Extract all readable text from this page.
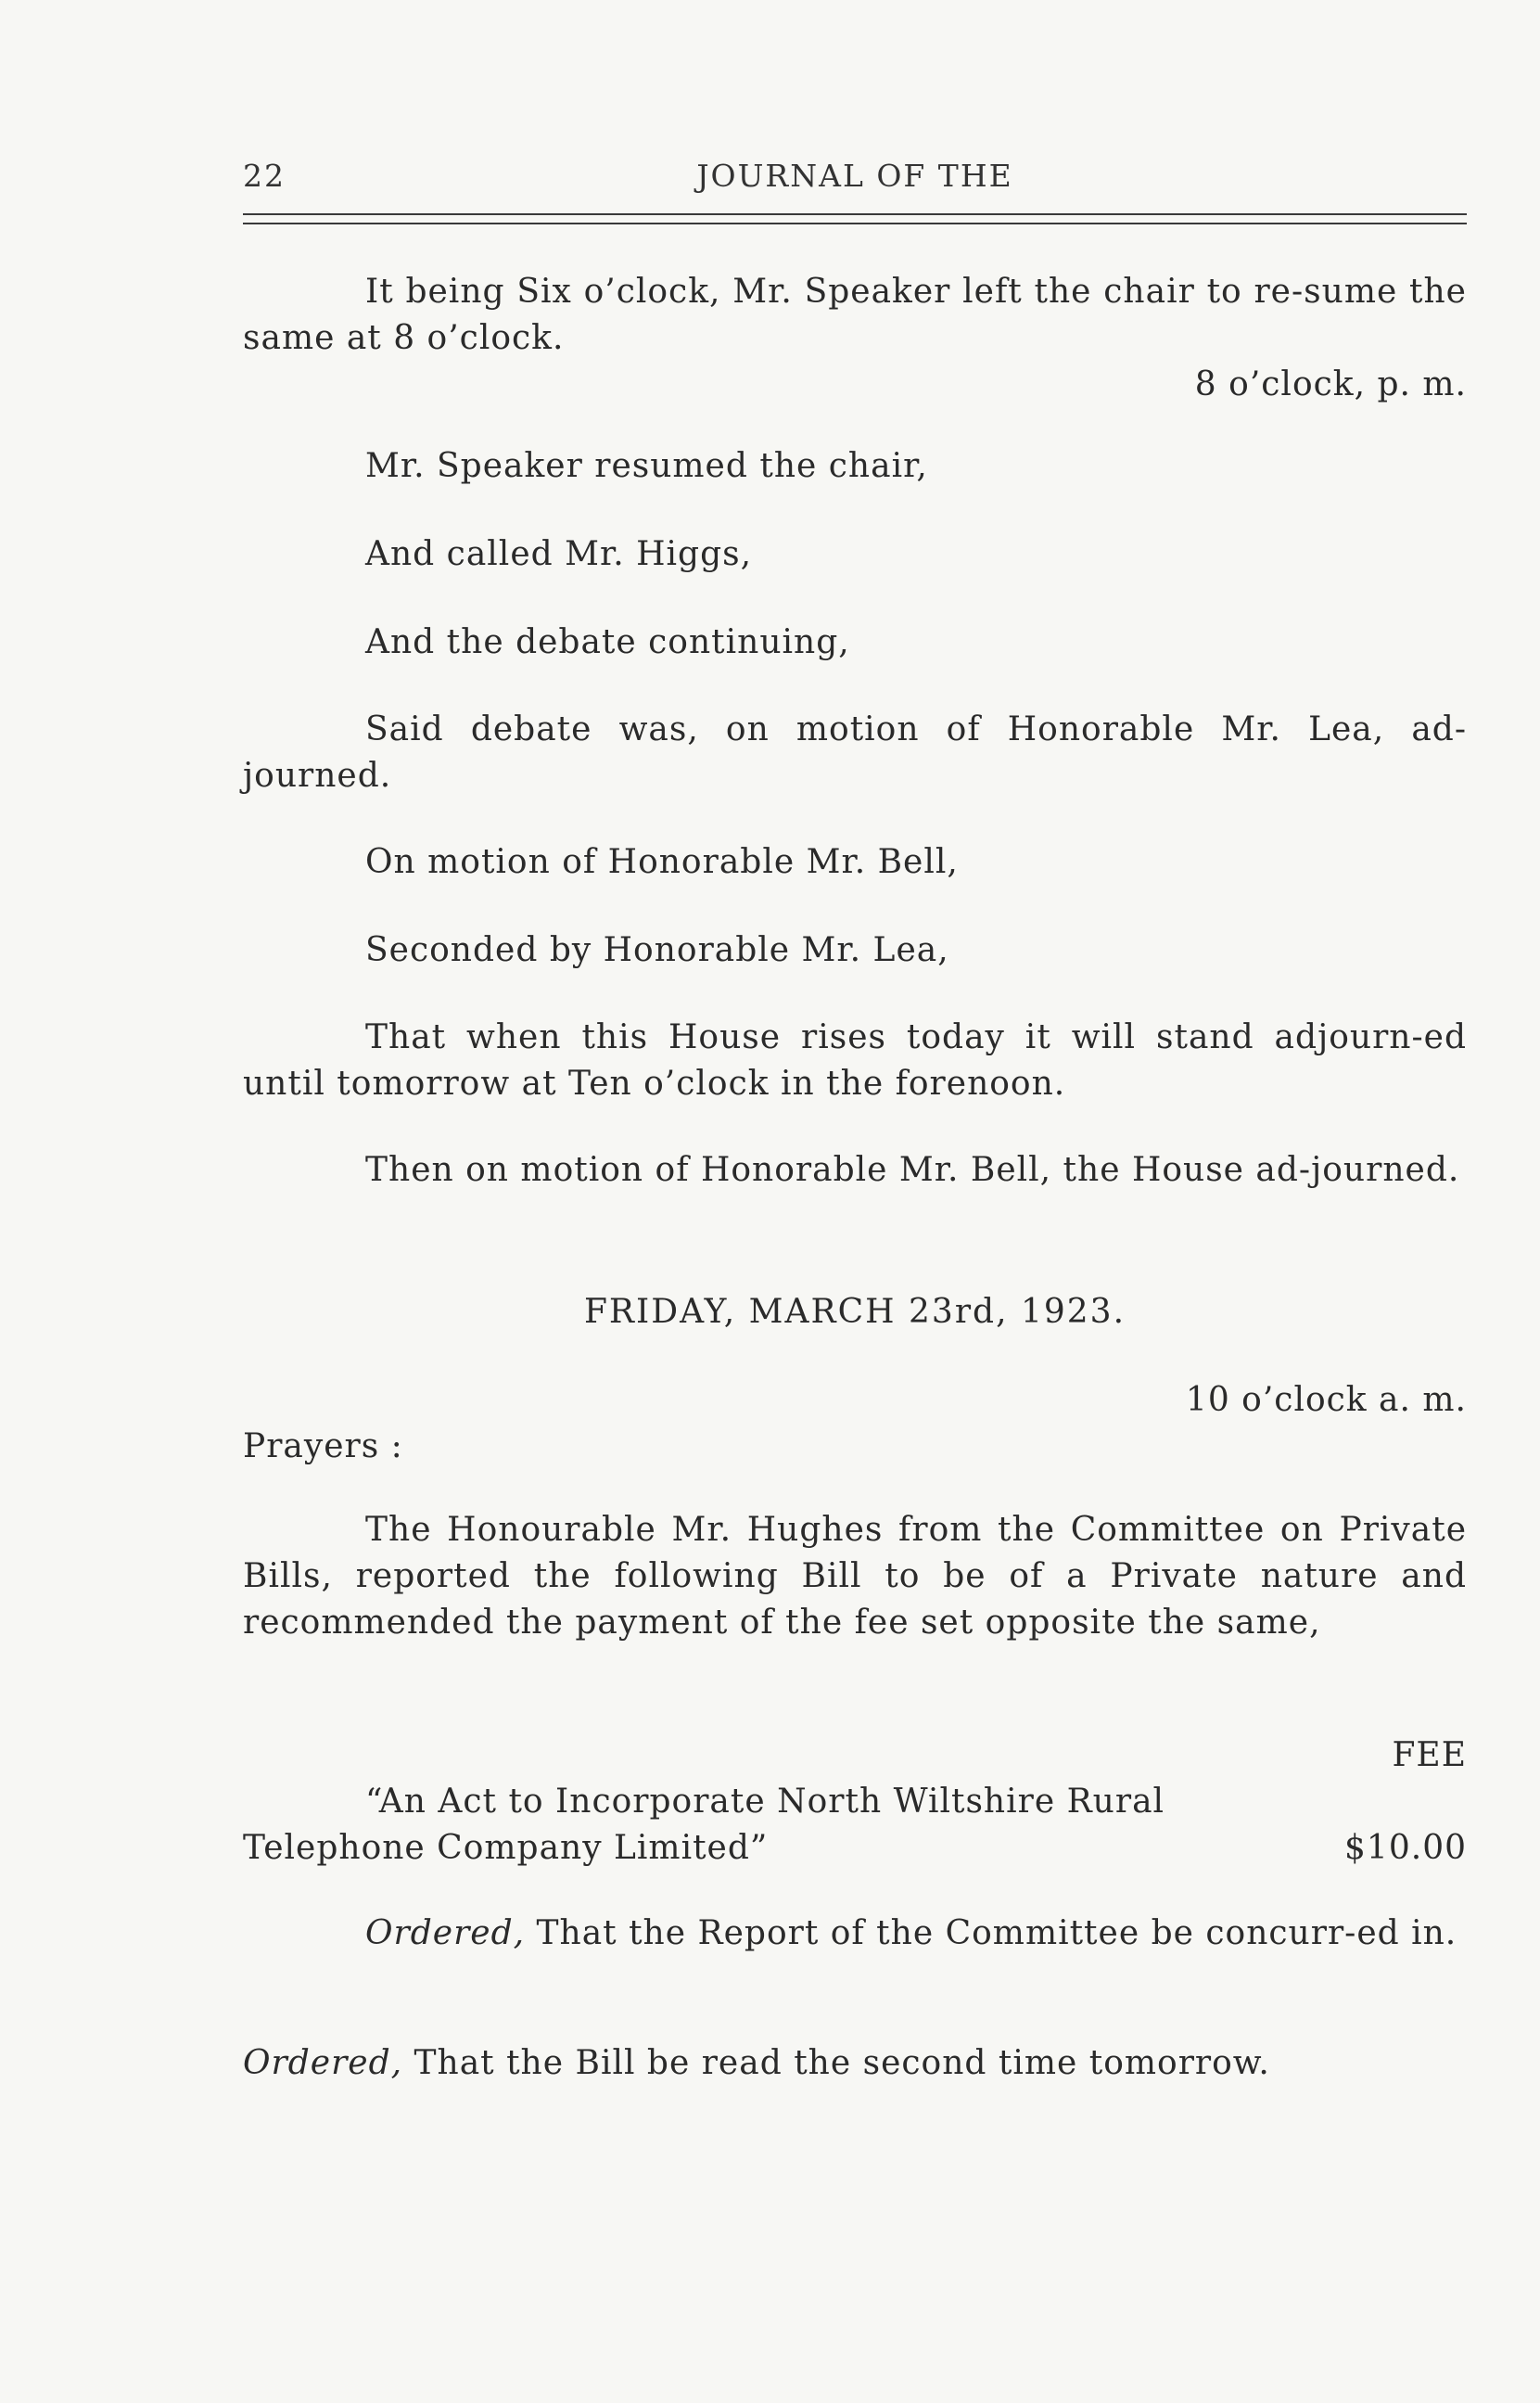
22	JOURNAL OF THE

It being Six o’clock, Mr. Speaker left the chair to re-sume the same at 8 o’clock.

8 o’clock, p. m.

Mr. Speaker resumed the chair,

And called Mr. Higgs,

And the debate continuing,

Said debate was, on motion of Honorable Mr. Lea, ad-journed.

On motion of Honorable Mr. Bell,

Seconded by Honorable Mr. Lea,

That when this House rises today it will stand adjourn-ed until tomorrow at Ten o’clock in the forenoon.

Then on motion of Honorable Mr. Bell, the House ad-journed.

FRIDAY, MARCH 23rd, 1923.

10 o’clock a. m.

Prayers :

The Honourable Mr. Hughes from the Committee on Private Bills, reported the following Bill to be of a Private nature and recommended the payment of the fee set opposite the same,

FEE

“An Act to Incorporate North Wiltshire Rural

Telephone Company Limited”	$10.00

Ordered, That the Report of the Committee be concurr-ed in.

Ordered, That the Bill be read the second time tomorrow.
